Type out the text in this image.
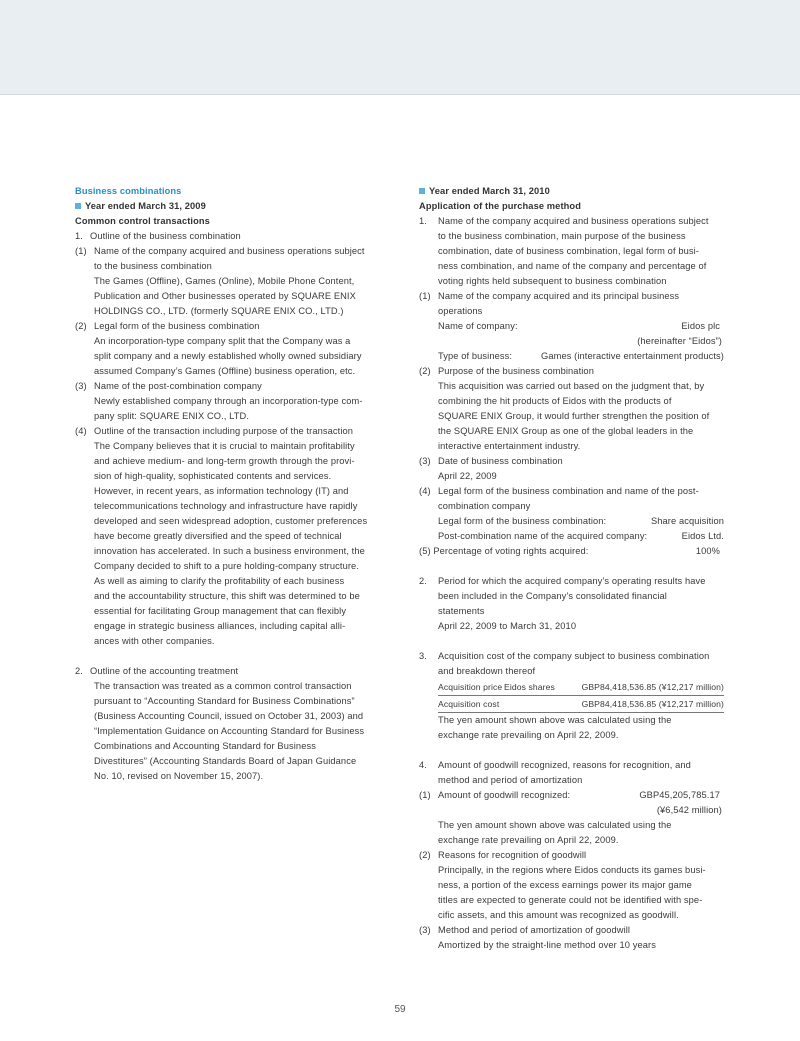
Business combinations
Year ended March 31, 2009
Common control transactions
1. Outline of the business combination
(1) Name of the company acquired and business operations subject
to the business combination
The Games (Offline), Games (Online), Mobile Phone Content,
Publication and Other businesses operated by SQUARE ENIX
HOLDINGS CO., LTD. (formerly SQUARE ENIX CO., LTD.)
(2) Legal form of the business combination
An incorporation-type company split that the Company was a
split company and a newly established wholly owned subsidiary
assumed Company’s Games (Offline) business operation, etc.
(3) Name of the post-combination company
Newly established company through an incorporation-type com-
pany split: SQUARE ENIX CO., LTD.
(4) Outline of the transaction including purpose of the transaction
The Company believes that it is crucial to maintain profitability
and achieve medium- and long-term growth through the provi-
sion of high-quality, sophisticated contents and services.
However, in recent years, as information technology (IT) and
telecommunications technology and infrastructure have rapidly
developed and seen widespread adoption, customer preferences
have become greatly diversified and the speed of technical
innovation has accelerated. In such a business environment, the
Company decided to shift to a pure holding-company structure.
As well as aiming to clarify the profitability of each business
and the accountability structure, this shift was determined to be
essential for facilitating Group management that can flexibly
engage in strategic business alliances, including capital alli-
ances with other companies.
2. Outline of the accounting treatment
The transaction was treated as a common control transaction
pursuant to “Accounting Standard for Business Combinations”
(Business Accounting Council, issued on October 31, 2003) and
“Implementation Guidance on Accounting Standard for Business
Combinations and Accounting Standard for Business
Divestitures” (Accounting Standards Board of Japan Guidance
No. 10, revised on November 15, 2007).
Year ended March 31, 2010
Application of the purchase method
1. Name of the company acquired and business operations subject
to the business combination, main purpose of the business
combination, date of business combination, legal form of busi-
ness combination, and name of the company and percentage of
voting rights held subsequent to business combination
(1) Name of the company acquired and its principal business
operations
Name of company:	Eidos plc
(hereinafter “Eidos”)
Type of business:	Games (interactive entertainment products)
(2) Purpose of the business combination
This acquisition was carried out based on the judgment that, by
combining the hit products of Eidos with the products of
SQUARE ENIX Group, it would further strengthen the position of
the SQUARE ENIX Group as one of the global leaders in the
interactive entertainment industry.
(3) Date of business combination
April 22, 2009
(4) Legal form of the business combination and name of the post-
combination company
Legal form of the business combination:	Share acquisition
Post-combination name of the acquired company:	Eidos Ltd.
(5) Percentage of voting rights acquired:	100%
2. Period for which the acquired company’s operating results have
been included in the Company’s consolidated financial
statements
April 22, 2009 to March 31, 2010
3. Acquisition cost of the company subject to business combination
and breakdown thereof
Acquisition price Eidos shares	GBP84,418,536.85 (¥12,217 million)
Acquisition cost	GBP84,418,536.85 (¥12,217 million)
The yen amount shown above was calculated using the
exchange rate prevailing on April 22, 2009.
4. Amount of goodwill recognized, reasons for recognition, and
method and period of amortization
(1) Amount of goodwill recognized:	GBP45,205,785.17
(¥6,542 million)
The yen amount shown above was calculated using the
exchange rate prevailing on April 22, 2009.
(2) Reasons for recognition of goodwill
Principally, in the regions where Eidos conducts its games busi-
ness, a portion of the excess earnings power its major game
titles are expected to generate could not be identified with spe-
cific assets, and this amount was recognized as goodwill.
(3) Method and period of amortization of goodwill
Amortized by the straight-line method over 10 years
59
